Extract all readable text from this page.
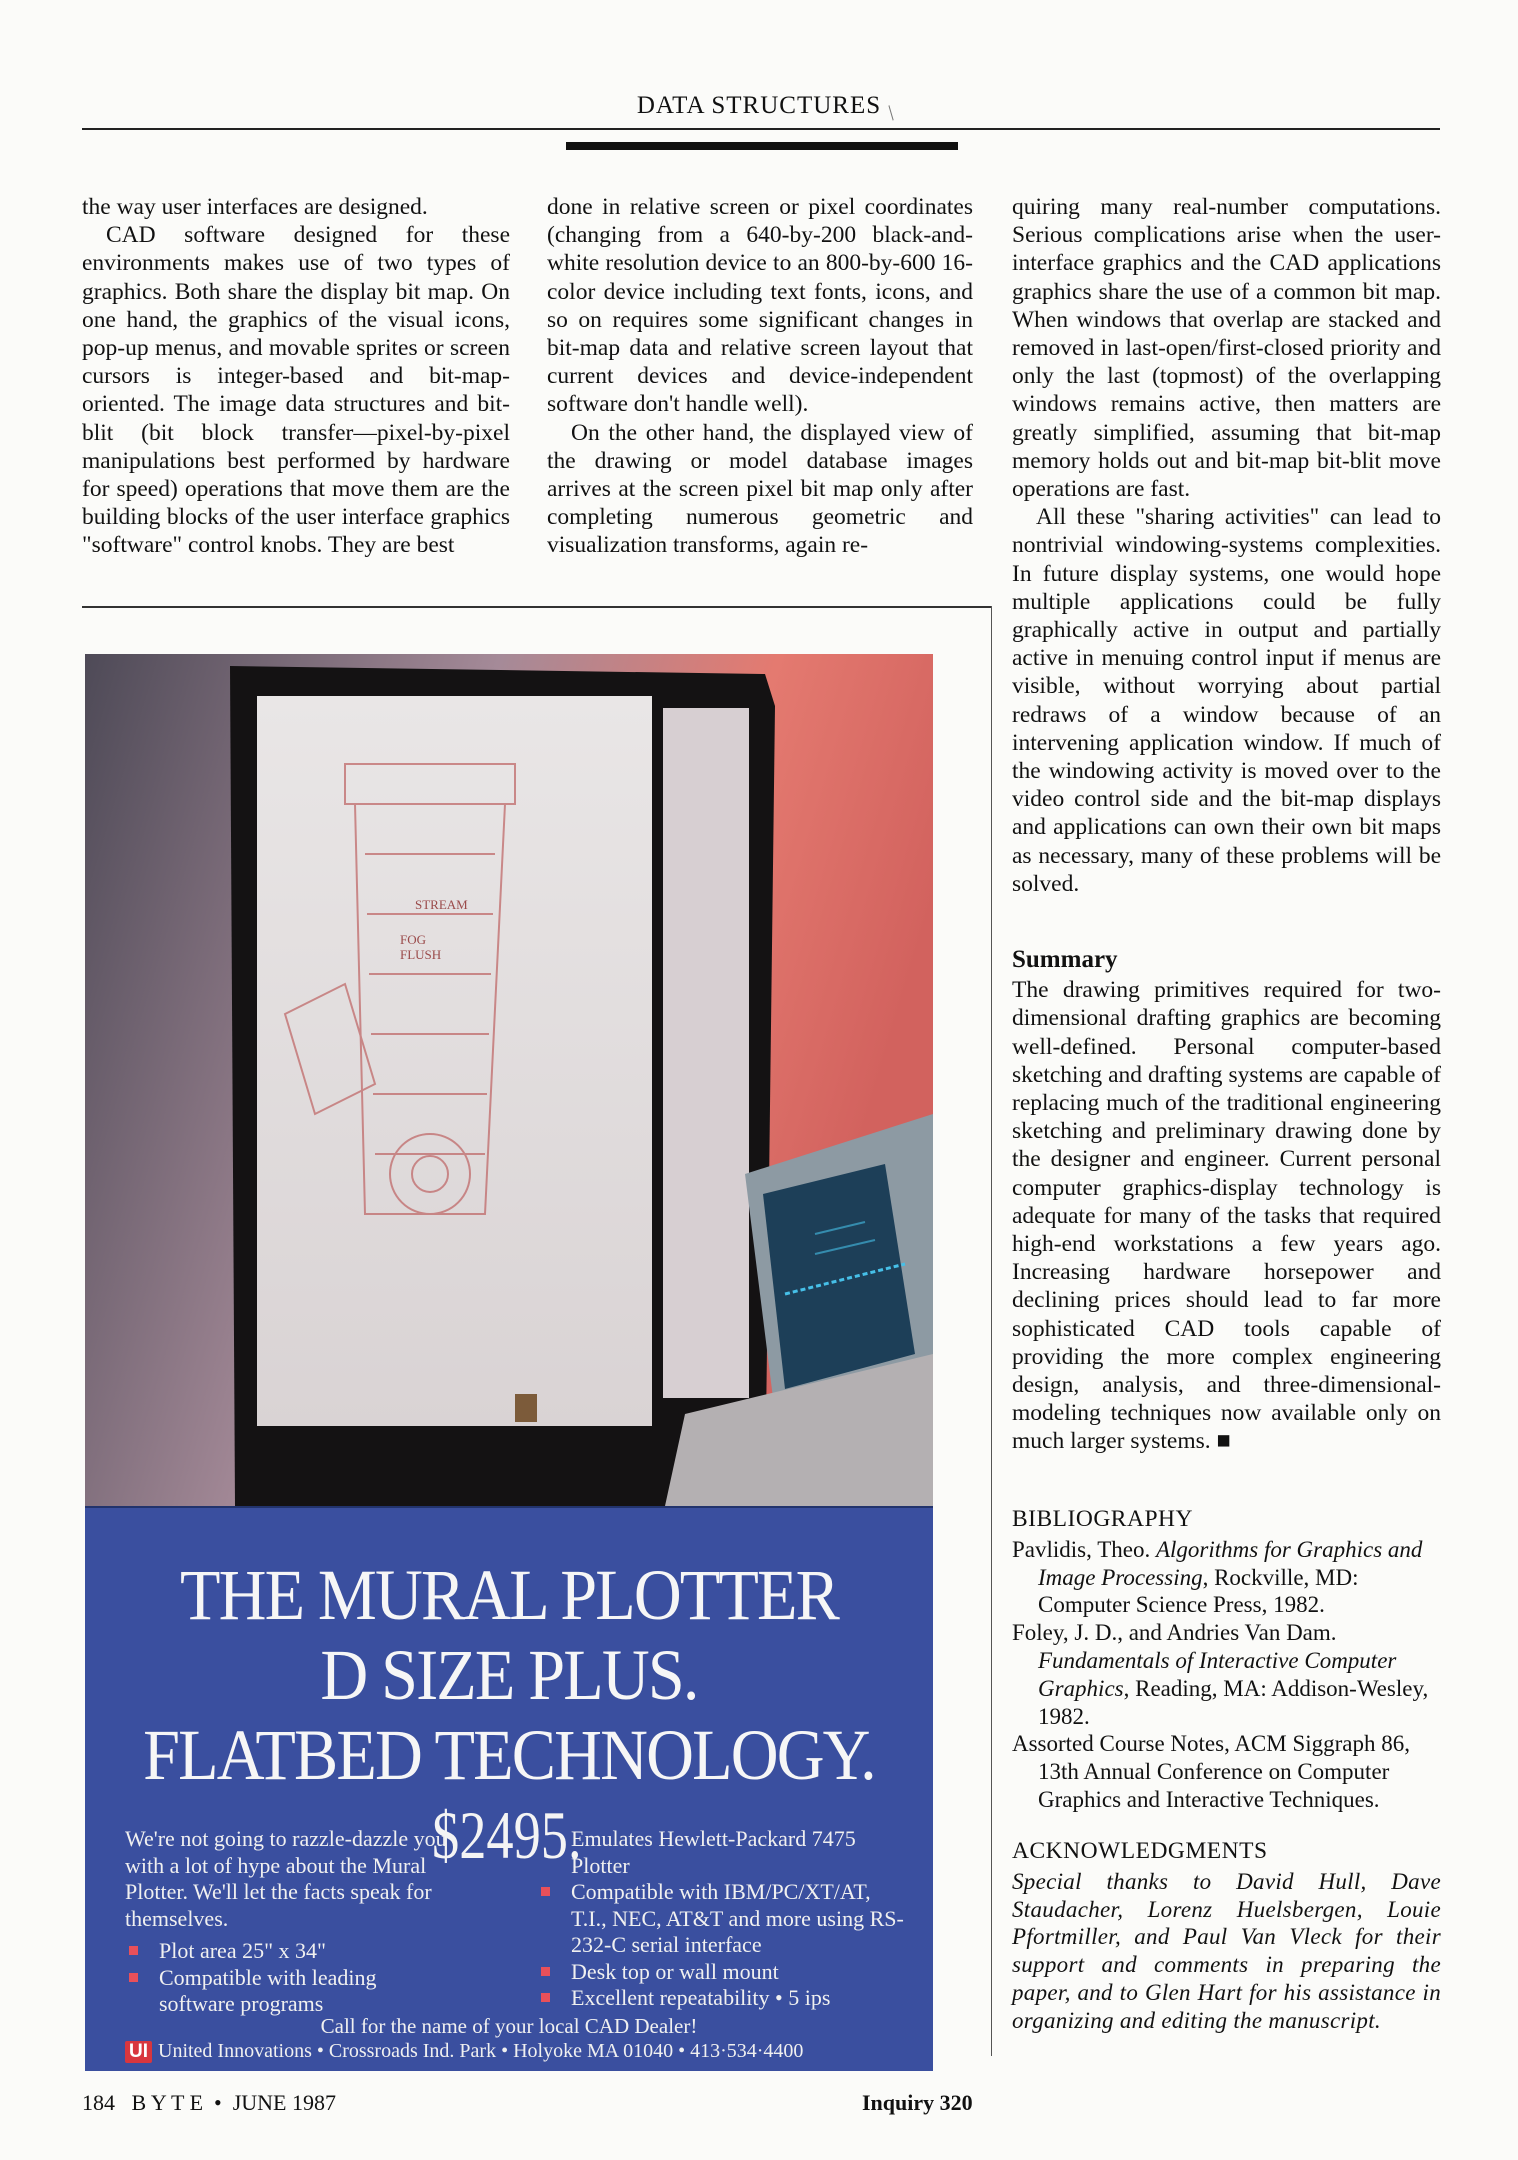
DATA STRUCTURES /

the way user interfaces are designed.

CAD software designed for these environments makes use of two types of graphics. Both share the display bit map. On one hand, the graphics of the visual icons, pop-up menus, and movable sprites or screen cursors is integer-based and bit-map-oriented. The image data structures and bit-blit (bit block transfer—pixel-by-pixel manipulations best performed by hardware for speed) operations that move them are the building blocks of the user interface graphics "software" control knobs. They are best

done in relative screen or pixel coordinates (changing from a 640-by-200 black-and-white resolution device to an 800-by-600 16-color device including text fonts, icons, and so on requires some significant changes in bit-map data and relative screen layout that current devices and device-independent software don't handle well).

On the other hand, the displayed view of the drawing or model database images arrives at the screen pixel bit map only after completing numerous geometric and visualization transforms, again re-

quiring many real-number computations. Serious complications arise when the user-interface graphics and the CAD applications graphics share the use of a common bit map. When windows that overlap are stacked and removed in last-open/first-closed priority and only the last (topmost) of the overlapping windows remains active, then matters are greatly simplified, assuming that bit-map memory holds out and bit-map bit-blit move operations are fast.

All these "sharing activities" can lead to nontrivial windowing-systems complexities. In future display systems, one would hope multiple applications could be fully graphically active in output and partially active in menuing control input if menus are visible, without worrying about partial redraws of a window because of an intervening application window. If much of the windowing activity is moved over to the video control side and the bit-map displays and applications can own their own bit maps as necessary, many of these problems will be solved.

Summary

The drawing primitives required for two-dimensional drafting graphics are becoming well-defined. Personal computer-based sketching and drafting systems are capable of replacing much of the traditional engineering sketching and preliminary drawing done by the designer and engineer. Current personal computer graphics-display technology is adequate for many of the tasks that required high-end workstations a few years ago. Increasing hardware horsepower and declining prices should lead to far more sophisticated CAD tools capable of providing the more complex engineering design, analysis, and three-dimensional-modeling techniques now available only on much larger systems. ■

BIBLIOGRAPHY

Pavlidis, Theo. Algorithms for Graphics and Image Processing, Rockville, MD: Computer Science Press, 1982.

Foley, J. D., and Andries Van Dam. Fundamentals of Interactive Computer Graphics, Reading, MA: Addison-Wesley, 1982.

Assorted Course Notes, ACM Siggraph 86, 13th Annual Conference on Computer Graphics and Interactive Techniques.

ACKNOWLEDGMENTS

Special thanks to David Hull, Dave Staudacher, Lorenz Huelsbergen, Louie Pfortmiller, and Paul Van Vleck for their support and comments in preparing the paper, and to Glen Hart for his assistance in organizing and editing the manuscript.

STREAM
FOG
FLUSH
THE MURAL PLOTTER
D SIZE PLUS.
FLATBED TECHNOLOGY.
$2495.
We're not going to razzle-dazzle you with a lot of hype about the Mural Plotter. We'll let the facts speak for themselves.
Plot area 25" x 34"
Compatible with leading software programs
Emulates Hewlett-Packard 7475 Plotter
Compatible with IBM/PC/XT/AT, T.I., NEC, AT&T and more using RS-232-C serial interface
Desk top or wall mount
Excellent repeatability • 5 ips
Call for the name of your local CAD Dealer!
UI United Innovations • Crossroads Ind. Park • Holyoke MA 01040 • 413·534·4400
184   B Y T E  •  JUNE 1987	Inquiry 320
